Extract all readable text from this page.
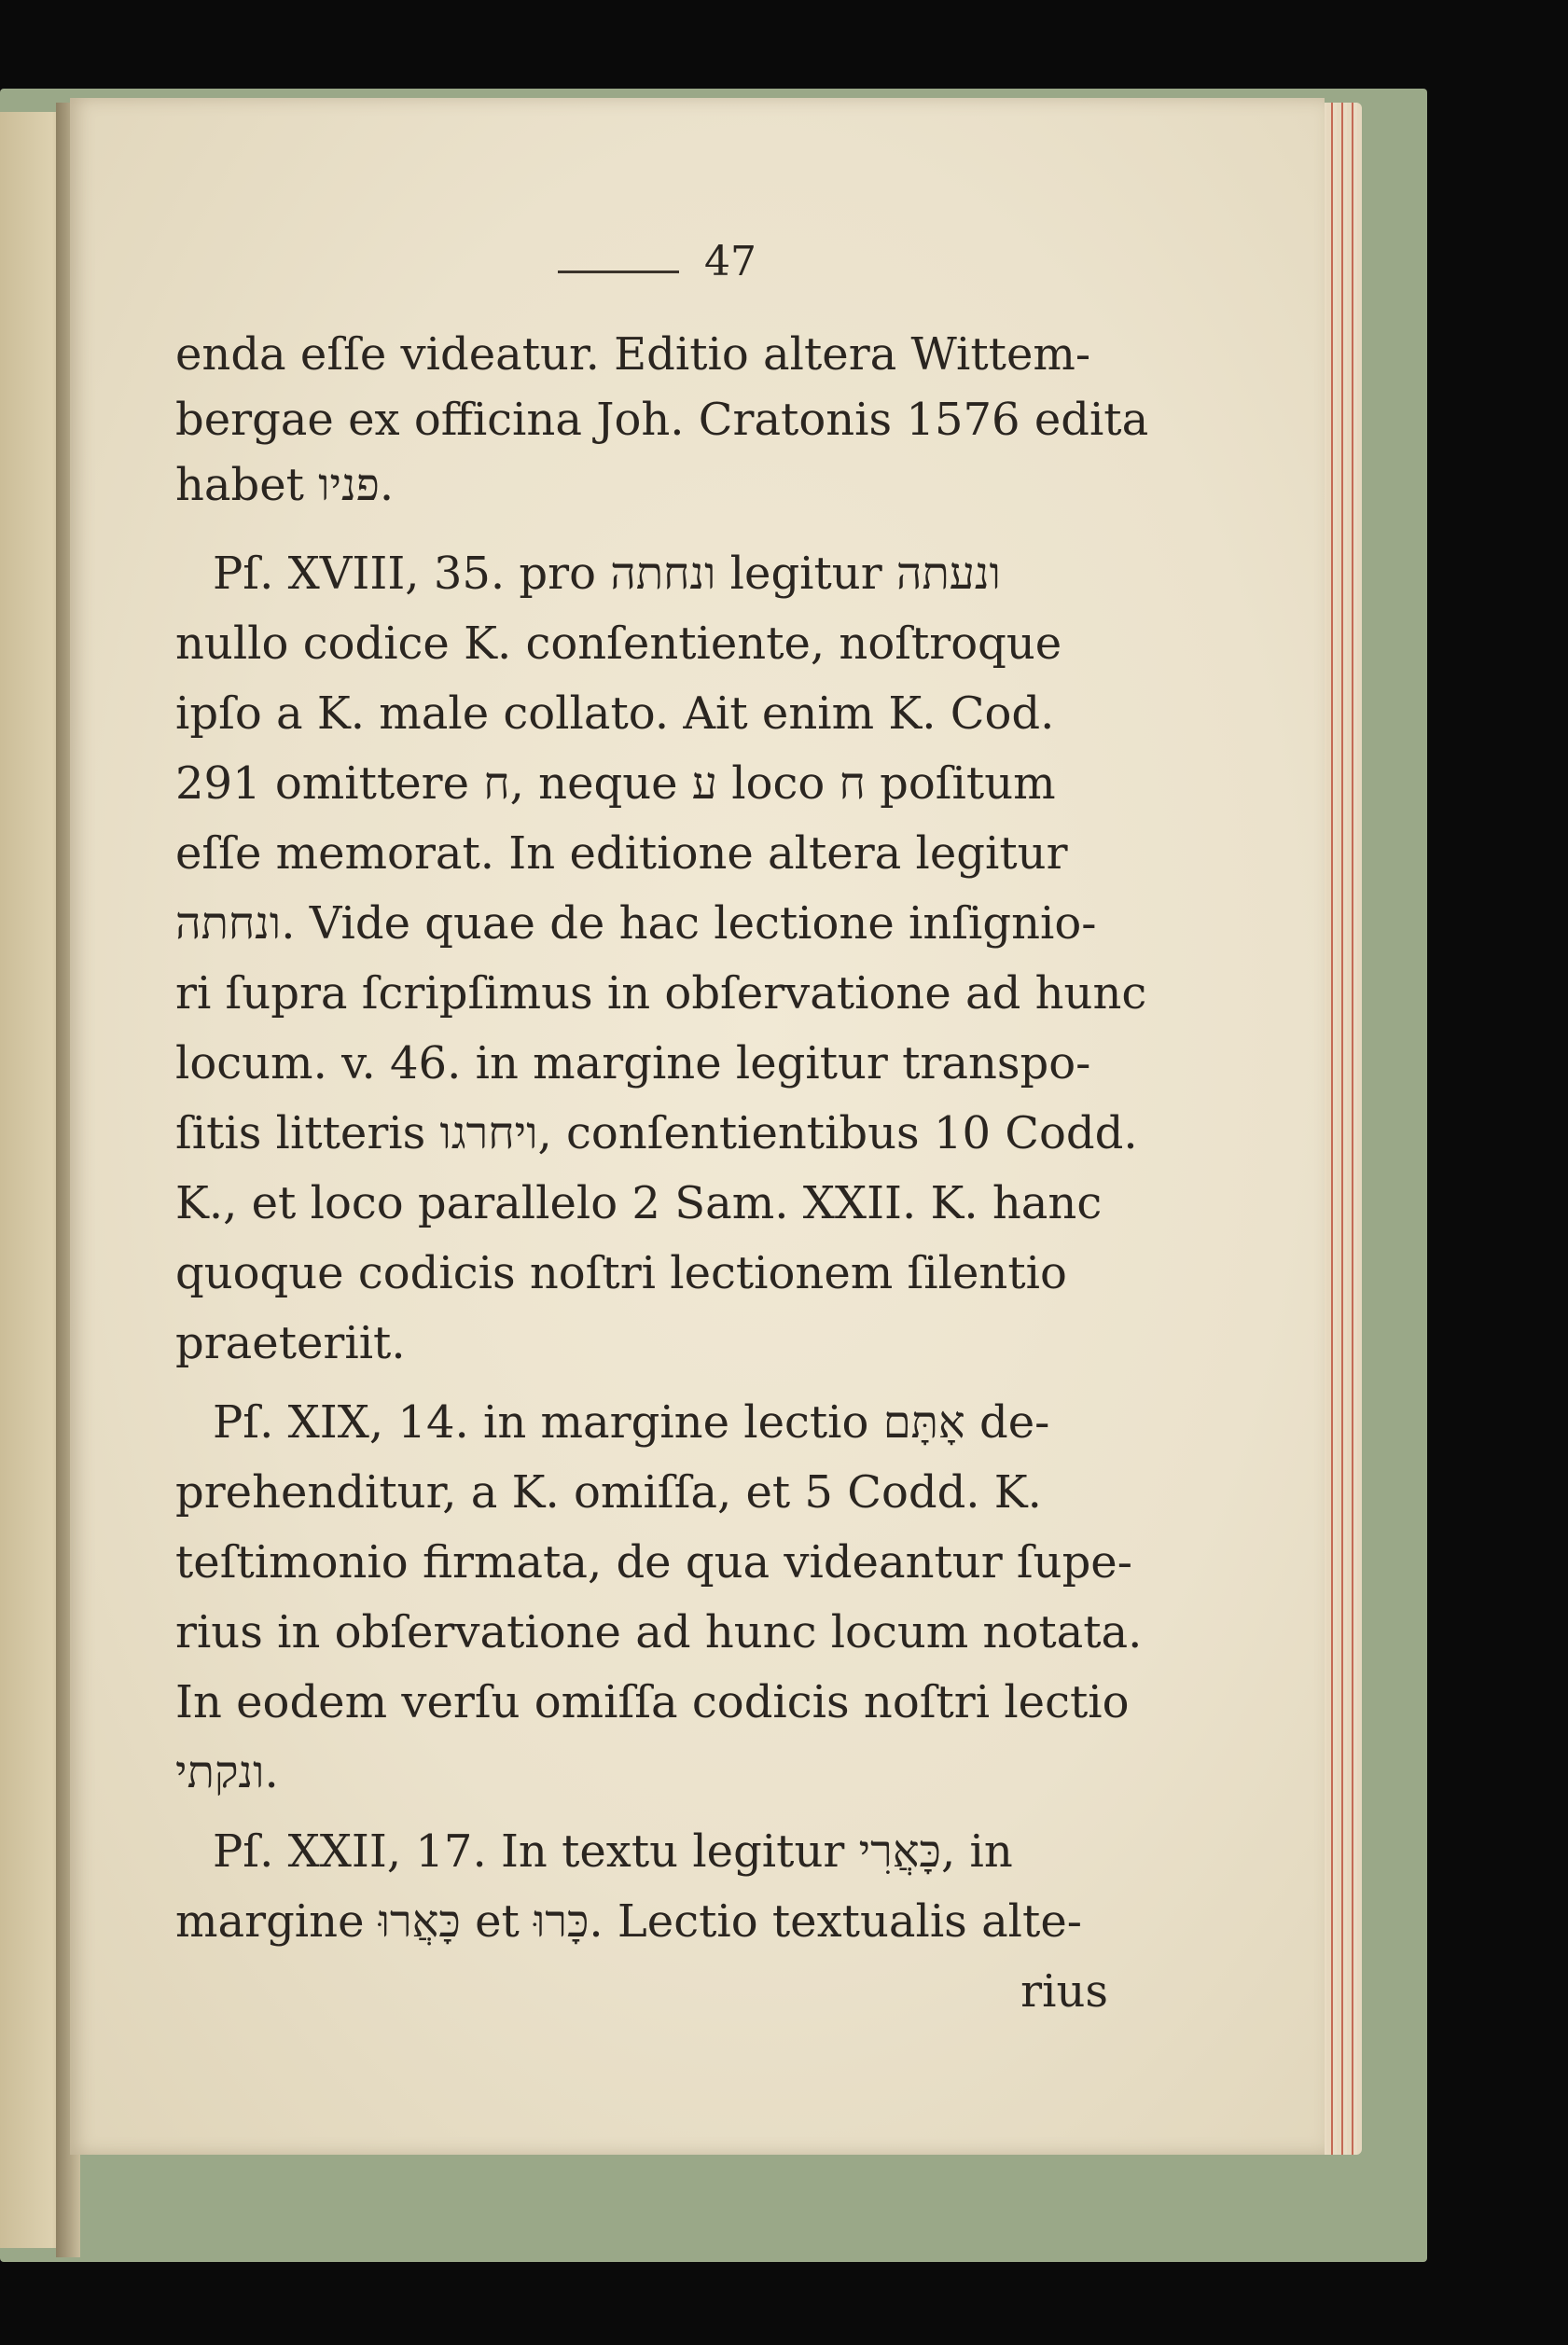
47
enda eſſe videatur. Editio altera Wittem-
bergae ex officina Joh. Cratonis 1576 edita
habet פניו.
Pſ. XVIII, 35. pro ונחתה legitur ונעתה
nullo codice K. conſentiente, noſtroque
ipſo a K. male collato. Ait enim K. Cod.
291 omittere ח, neque ע loco ח poſitum
eſſe memorat. In editione altera legitur
ונחתה. Vide quae de hac lectione inſignio-
ri ſupra ſcripſimus in obſervatione ad hunc
locum. v. 46. in margine legitur transpo-
ſitis litteris ויחרגו, conſentientibus 10 Codd.
K., et loco parallelo 2 Sam. XXII. K. hanc
quoque codicis noſtri lectionem ſilentio
praeteriit.
Pſ. XIX, 14. in margine lectio אָתָּם de-
prehenditur, a K. omiſſa, et 5 Codd. K.
teſtimonio firmata, de qua videantur ſupe-
rius in obſervatione ad hunc locum notata.
In eodem verſu omiſſa codicis noſtri lectio
ונקתי.
Pſ. XXII, 17. In textu legitur כָּאֲרִי, in
margine כָּאֲרוּ et כָּרוּ. Lectio textualis alte-
rius
